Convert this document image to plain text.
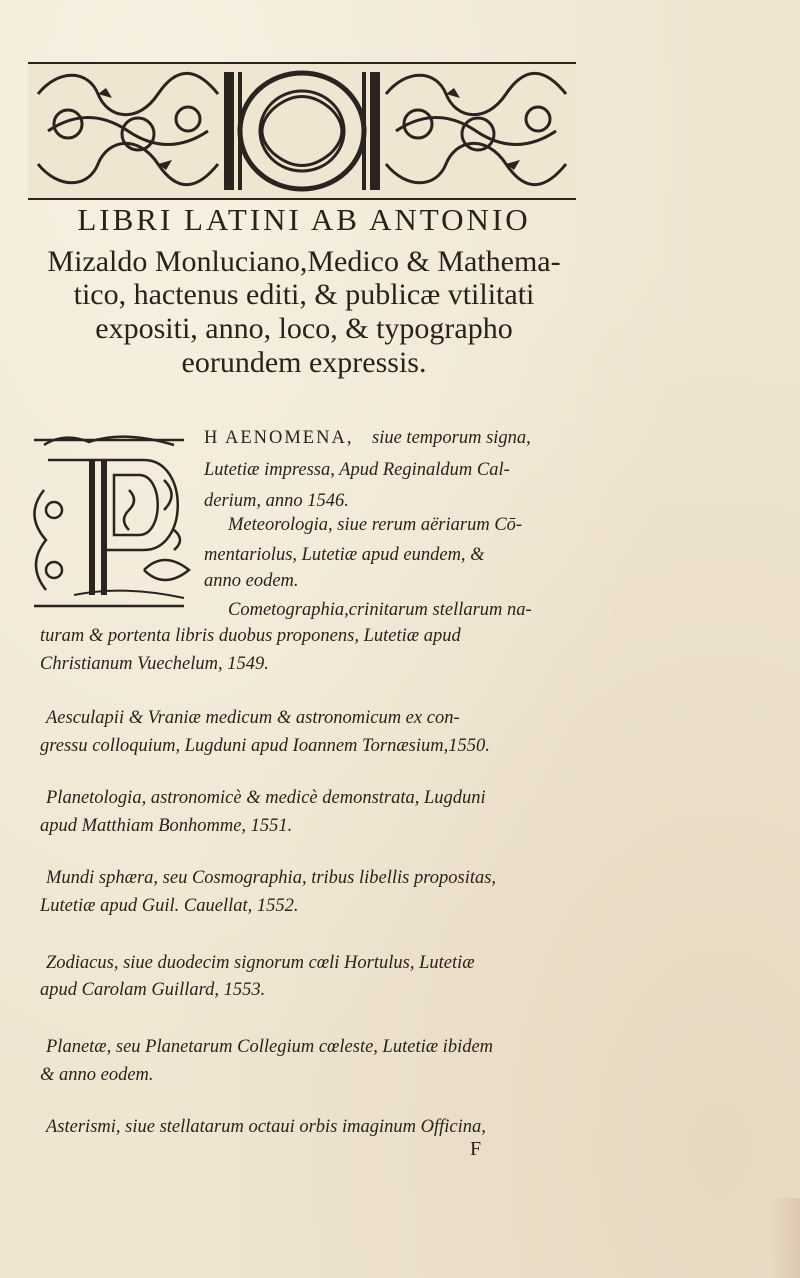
LIBRI LATINI AB ANTONIO
Mizaldo Monluciano,Medico & Mathema-
tico, hactenus editi, & publicæ vtilitati
expositi, anno, loco, & typographo
eorundem expressis.
H AENOMENA, siue temporum signa,
Lutetiæ impressa, Apud Reginaldum Cal-
derium, anno 1546.
Meteorologia, siue rerum aëriarum Cō-
mentariolus, Lutetiæ apud eundem, &
anno eodem.
Cometographia,crinitarum stellarum na-
turam & portenta libris duobus proponens, Lutetiæ apud
Christianum Vuechelum, 1549.
Aesculapii & Vraniæ medicum & astronomicum ex con-
gressu colloquium, Lugduni apud Ioannem Tornæsium,1550.
Planetologia, astronomicè & medicè demonstrata, Lugduni
apud Matthiam Bonhomme, 1551.
Mundi sphæra, seu Cosmographia, tribus libellis propositas,
Lutetiæ apud Guil. Cauellat, 1552.
Zodiacus, siue duodecim signorum cœli Hortulus, Lutetiæ
apud Carolam Guillard, 1553.
Planetæ, seu Planetarum Collegium cœleste, Lutetiæ ibidem
& anno eodem.
Asterismi, siue stellatarum octaui orbis imaginum Officina,
F
